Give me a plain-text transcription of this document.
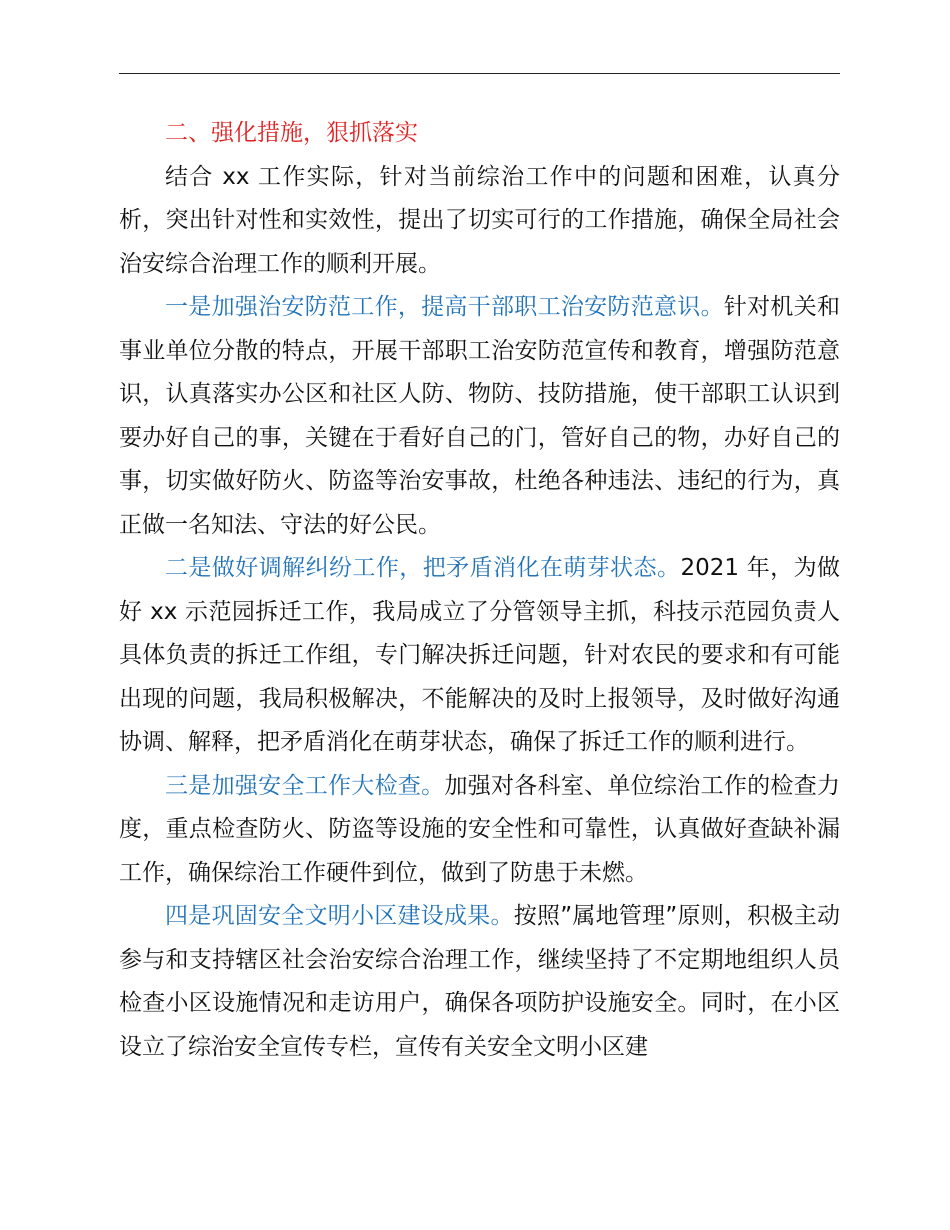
二、强化措施，狠抓落实

结合 xx 工作实际，针对当前综治工作中的问题和困难，认真分析，突出针对性和实效性，提出了切实可行的工作措施，确保全局社会治安综合治理工作的顺利开展。

一是加强治安防范工作，提高干部职工治安防范意识。针对机关和事业单位分散的特点，开展干部职工治安防范宣传和教育，增强防范意识，认真落实办公区和社区人防、物防、技防措施，使干部职工认识到要办好自己的事，关键在于看好自己的门，管好自己的物，办好自己的事，切实做好防火、防盗等治安事故，杜绝各种违法、违纪的行为，真正做一名知法、守法的好公民。

二是做好调解纠纷工作，把矛盾消化在萌芽状态。2021 年，为做好 xx 示范园拆迁工作，我局成立了分管领导主抓，科技示范园负责人具体负责的拆迁工作组，专门解决拆迁问题，针对农民的要求和有可能出现的问题，我局积极解决，不能解决的及时上报领导，及时做好沟通协调、解释，把矛盾消化在萌芽状态，确保了拆迁工作的顺利进行。

三是加强安全工作大检查。加强对各科室、单位综治工作的检查力度，重点检查防火、防盗等设施的安全性和可靠性，认真做好查缺补漏工作，确保综治工作硬件到位，做到了防患于未燃。

四是巩固安全文明小区建设成果。按照”属地管理”原则，积极主动参与和支持辖区社会治安综合治理工作，继续坚持了不定期地组织人员检查小区设施情况和走访用户，确保各项防护设施安全。同时，在小区设立了综治安全宣传专栏，宣传有关安全文明小区建
